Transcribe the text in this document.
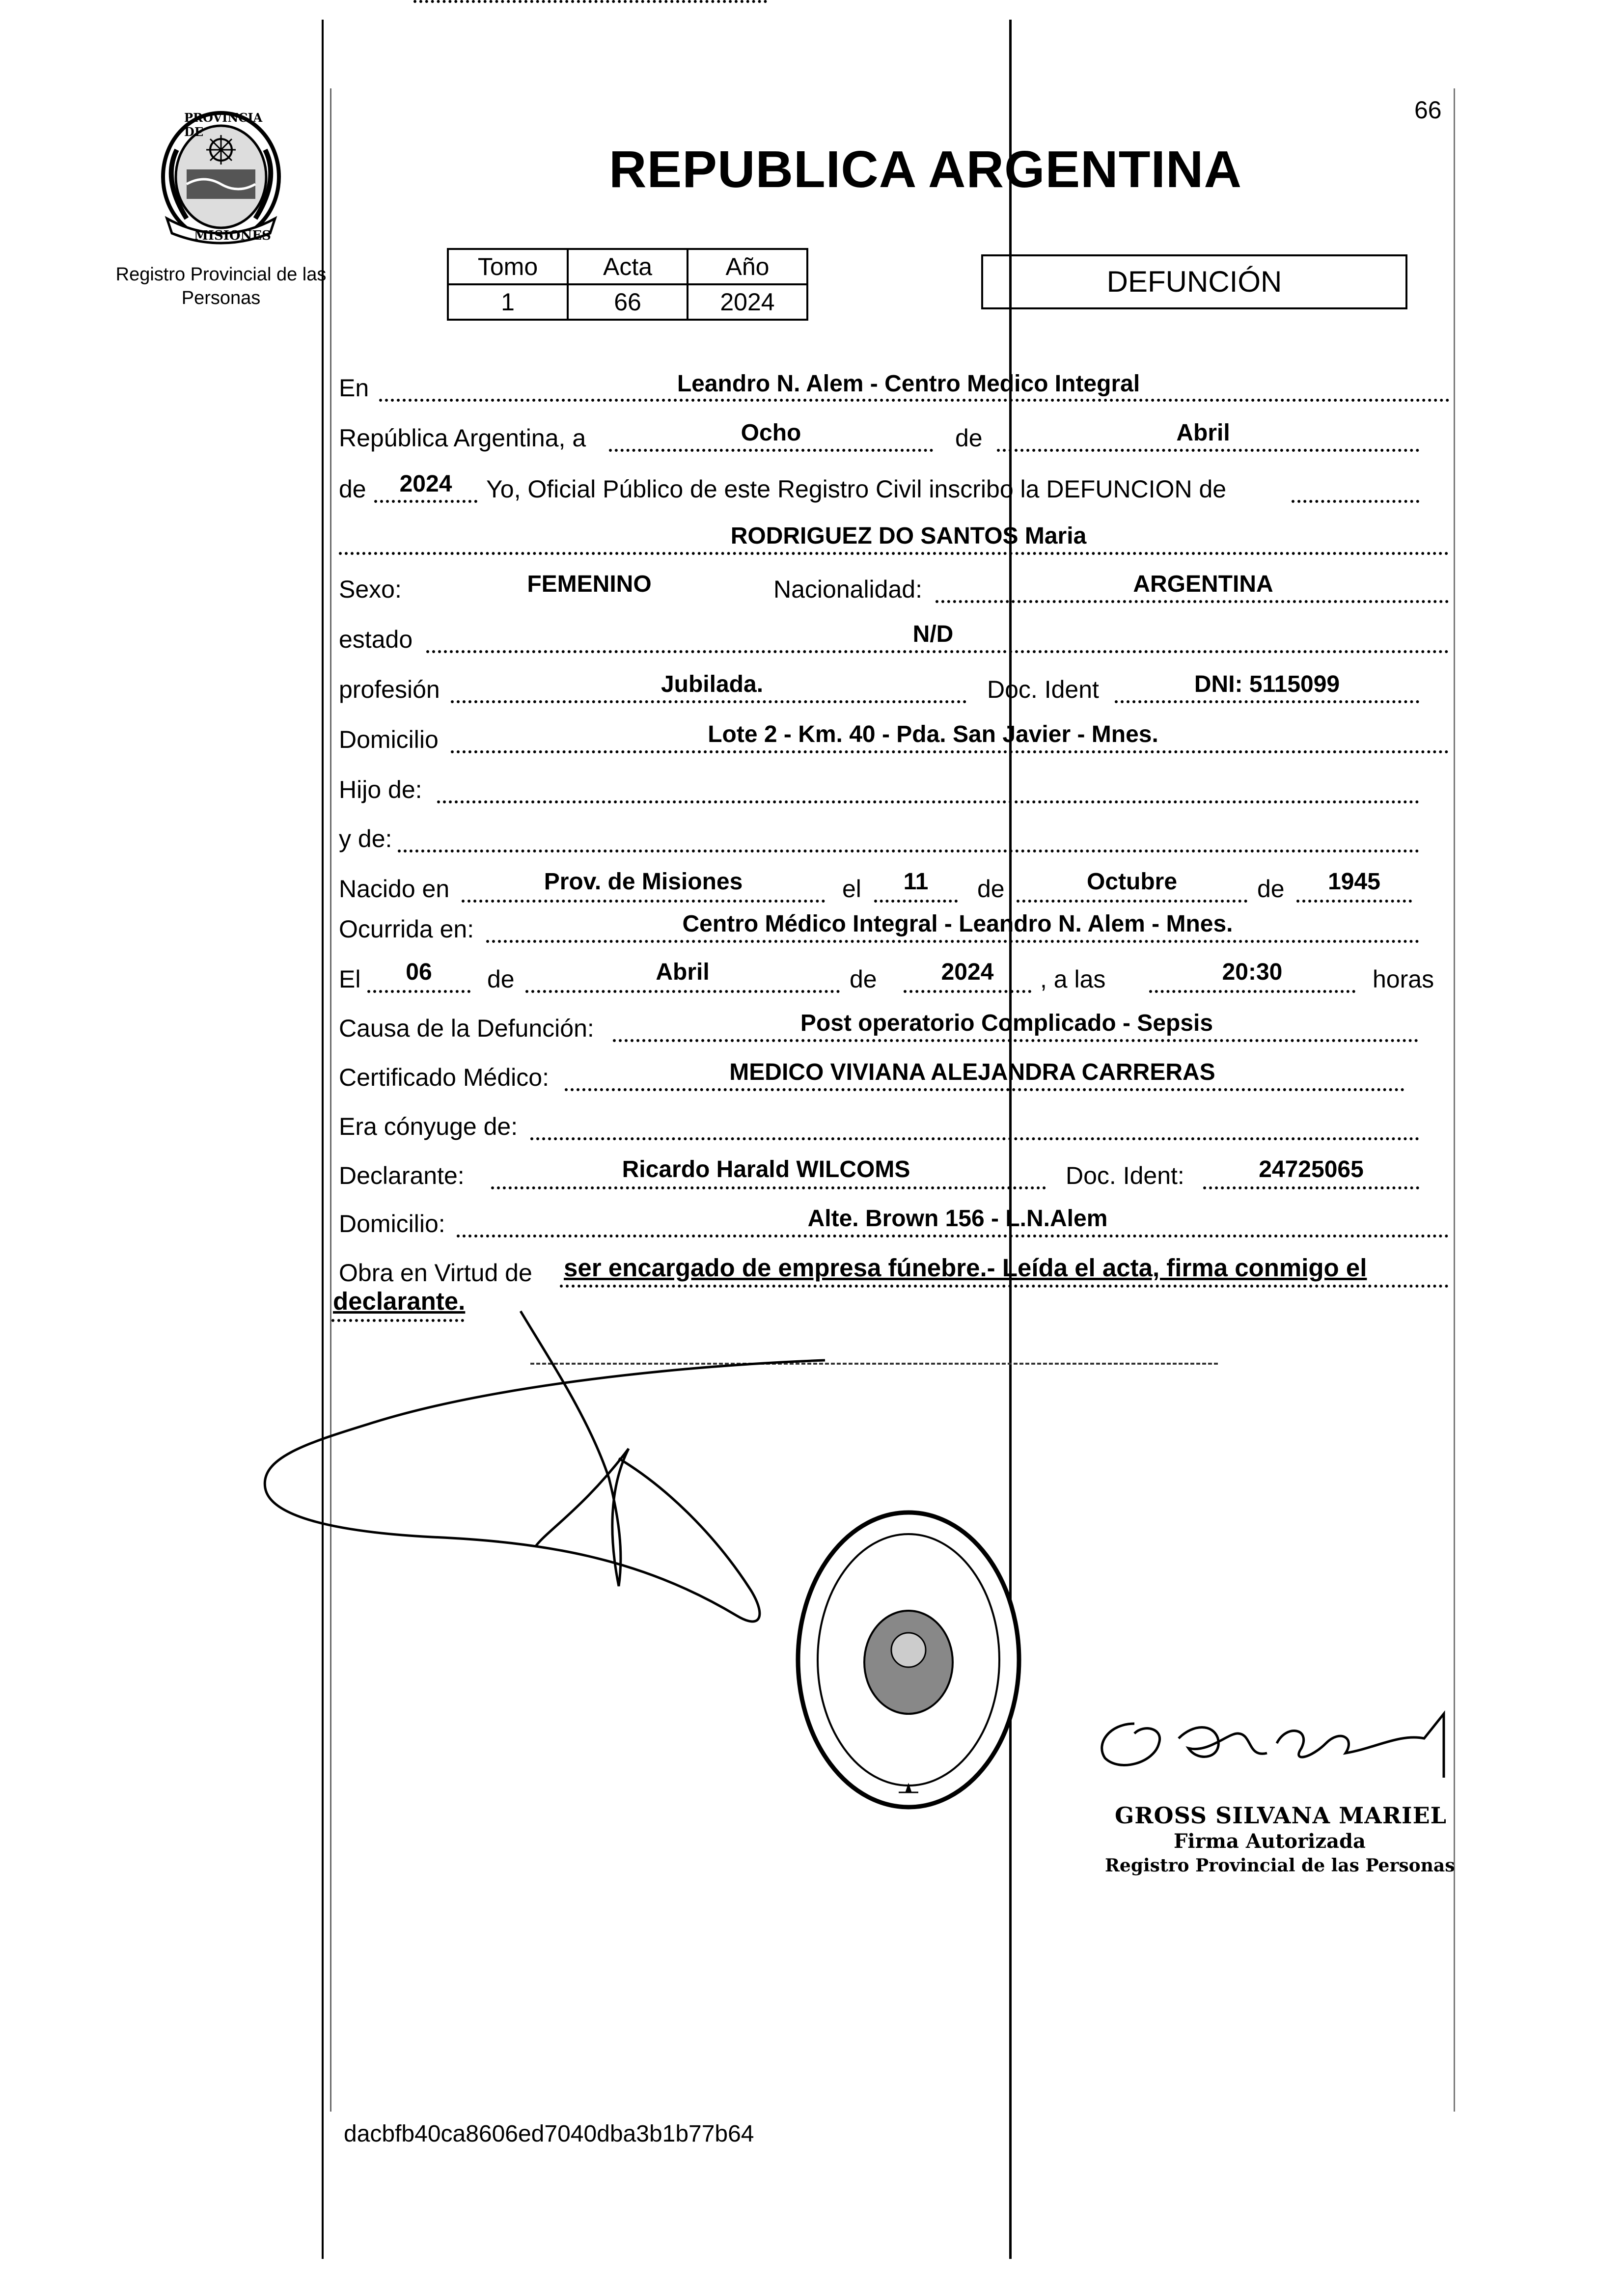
PROVINCIA DE
MISIONES
Registro Provincial de las Personas
66
REPUBLICA ARGENTINA
Tomo	Acta	Año
1	66	2024
DEFUNCIÓN
En	Leandro N. Alem - Centro Medico Integral
República Argentina, a	Ocho	de	Abril
de	2024	Yo, Oficial Público de este Registro Civil inscribo la DEFUNCION de
RODRIGUEZ DO SANTOS Maria
Sexo:	FEMENINO	Nacionalidad:	ARGENTINA
estado	N/D
profesión	Jubilada.	Doc. Ident	DNI: 5115099
Domicilio	Lote 2 - Km. 40 - Pda. San Javier - Mnes.
Hijo de:
y de:
Nacido en	Prov. de Misiones	el	11	de	Octubre	de	1945
Ocurrida en:	Centro Médico Integral - Leandro N. Alem - Mnes.
El	06	de	Abril	de	2024	, a las	20:30	horas
Causa de la Defunción:	Post operatorio Complicado - Sepsis
Certificado Médico:	MEDICO VIVIANA ALEJANDRA CARRERAS
Era cónyuge de:
Declarante:	Ricardo Harald WILCOMS	Doc. Ident:	24725065
Domicilio:	Alte. Brown 156 - L.N.Alem
Obra en Virtud de ser encargado de empresa fúnebre.- Leída el acta, firma conmigo el
declarante.
GROSS SILVANA MARIEL
Firma Autorizada
Registro Provincial de las Personas
dacbfb40ca8606ed7040dba3b1b77b64
